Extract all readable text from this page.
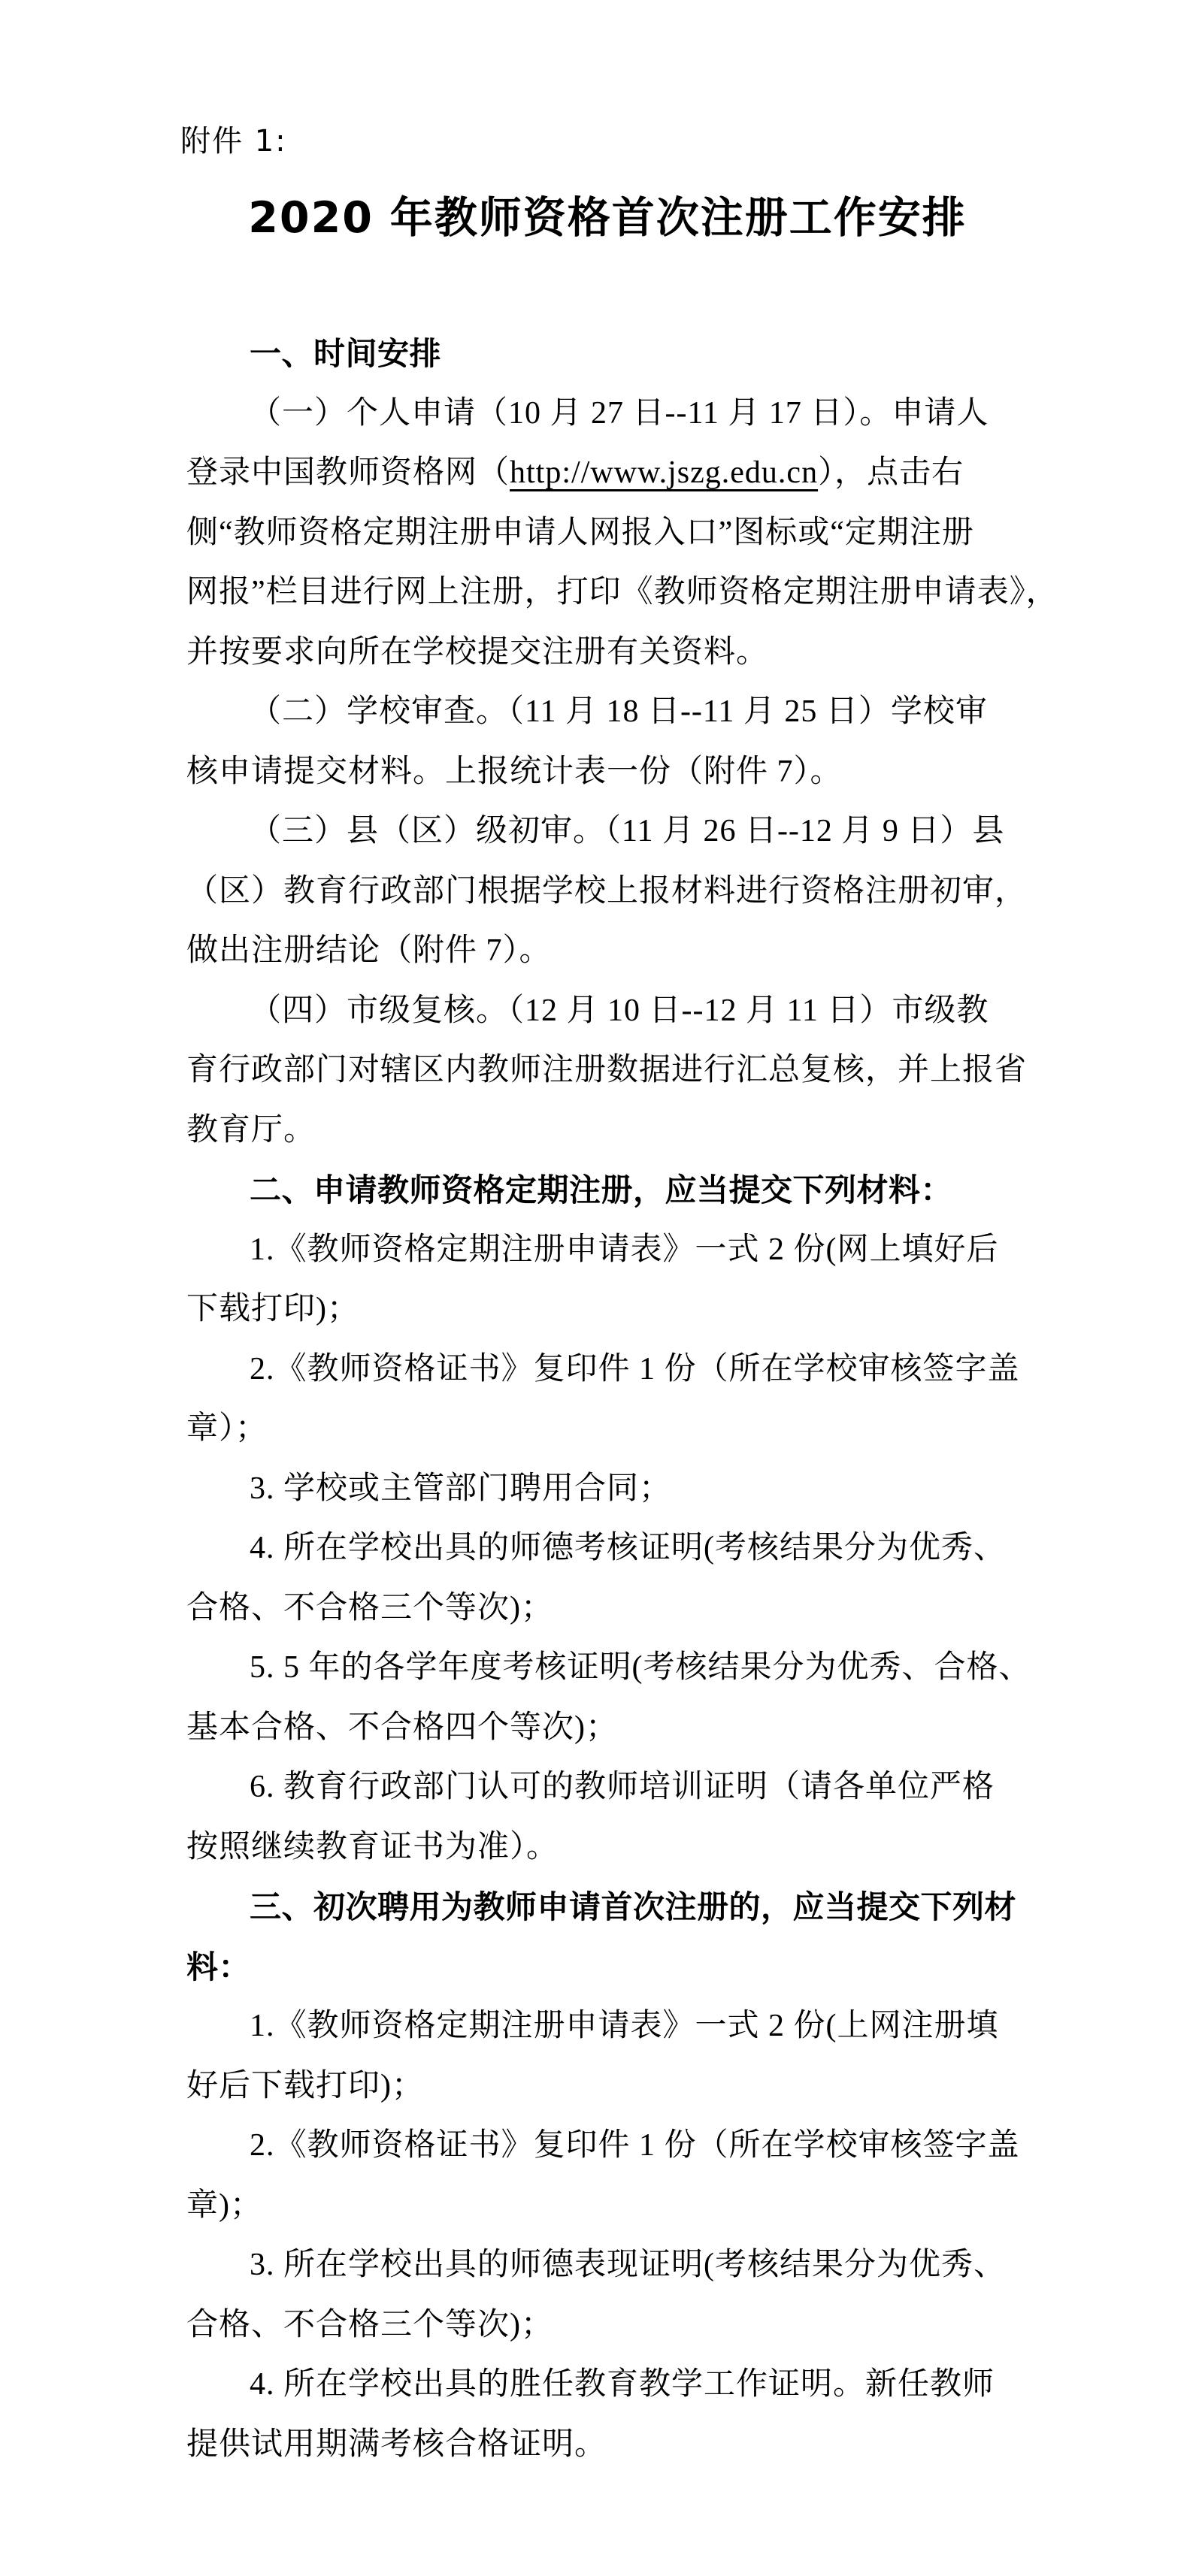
附件 1:
2020 年教师资格首次注册工作安排
一、时间安排
（一）个人申请（10 月 27 日--11 月 17 日）。申请人
登录中国教师资格网（http://www.jszg.edu.cn），点击右
侧“教师资格定期注册申请人网报入口”图标或“定期注册
网报”栏目进行网上注册，打印《教师资格定期注册申请表》，
并按要求向所在学校提交注册有关资料。
（二）学校审查。（11 月 18 日--11 月 25 日）学校审
核申请提交材料。上报统计表一份（附件 7）。
（三）县（区）级初审。（11 月 26 日--12 月 9 日）县
（区）教育行政部门根据学校上报材料进行资格注册初审，
做出注册结论（附件 7）。
（四）市级复核。（12 月 10 日--12 月 11 日）市级教
育行政部门对辖区内教师注册数据进行汇总复核，并上报省
教育厅。
二、申请教师资格定期注册，应当提交下列材料：
1.《教师资格定期注册申请表》一式 2 份(网上填好后
下载打印)；
2.《教师资格证书》复印件 1 份（所在学校审核签字盖
章）；
3. 学校或主管部门聘用合同；
4. 所在学校出具的师德考核证明(考核结果分为优秀、
合格、不合格三个等次)；
5. 5 年的各学年度考核证明(考核结果分为优秀、合格、
基本合格、不合格四个等次)；
6. 教育行政部门认可的教师培训证明（请各单位严格
按照继续教育证书为准）。
三、初次聘用为教师申请首次注册的，应当提交下列材
料：
1.《教师资格定期注册申请表》一式 2 份(上网注册填
好后下载打印)；
2.《教师资格证书》复印件 1 份（所在学校审核签字盖
章)；
3. 所在学校出具的师德表现证明(考核结果分为优秀、
合格、不合格三个等次)；
4. 所在学校出具的胜任教育教学工作证明。新任教师
提供试用期满考核合格证明。
